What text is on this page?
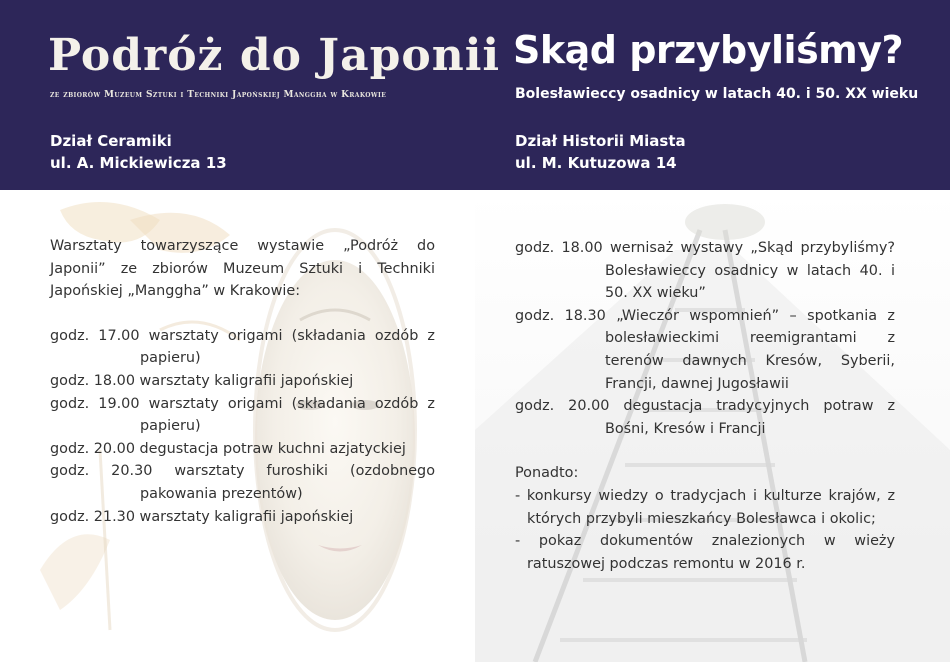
Podróż do Japonii
ze zbiorów Muzeum Sztuki i Techniki Japońskiej Manggha w Krakowie
Dział Ceramiki
ul. A. Mickiewicza 13
Skąd przybyliśmy?
Bolesławieccy osadnicy w latach 40. i 50. XX wieku
Dział Historii Miasta
ul. M. Kutuzowa 14

Warsztaty towarzyszące wystawie „Podróż do Japonii” ze zbiorów Muzeum Sztuki i Techniki Japońskiej „Manggha” w Krakowie:

godz. 17.00 warsztaty origami (składania ozdób z papieru)

godz. 18.00 warsztaty kaligrafii japońskiej

godz. 19.00 warsztaty origami (składania ozdób z papieru)

godz. 20.00 degustacja potraw kuchni azjatyckiej

godz. 20.30 warsztaty furoshiki (ozdobnego pakowania prezentów)

godz. 21.30 warsztaty kaligrafii japońskiej

godz. 18.00 wernisaż wystawy „Skąd przybyliśmy? Bolesławieccy osadnicy w latach 40. i 50. XX wieku”

godz. 18.30 „Wieczór wspomnień” – spotkania z bolesławieckimi reemigrantami z terenów dawnych Kresów, Syberii, Francji, dawnej Jugosławii

godz. 20.00 degustacja tradycyjnych potraw z Bośni, Kresów i Francji

Ponadto:

- konkursy wiedzy o tradycjach i kulturze krajów, z których przybyli mieszkańcy Bolesławca i okolic;

- pokaz dokumentów znalezionych w wieży ratuszowej podczas remontu w 2016 r.
